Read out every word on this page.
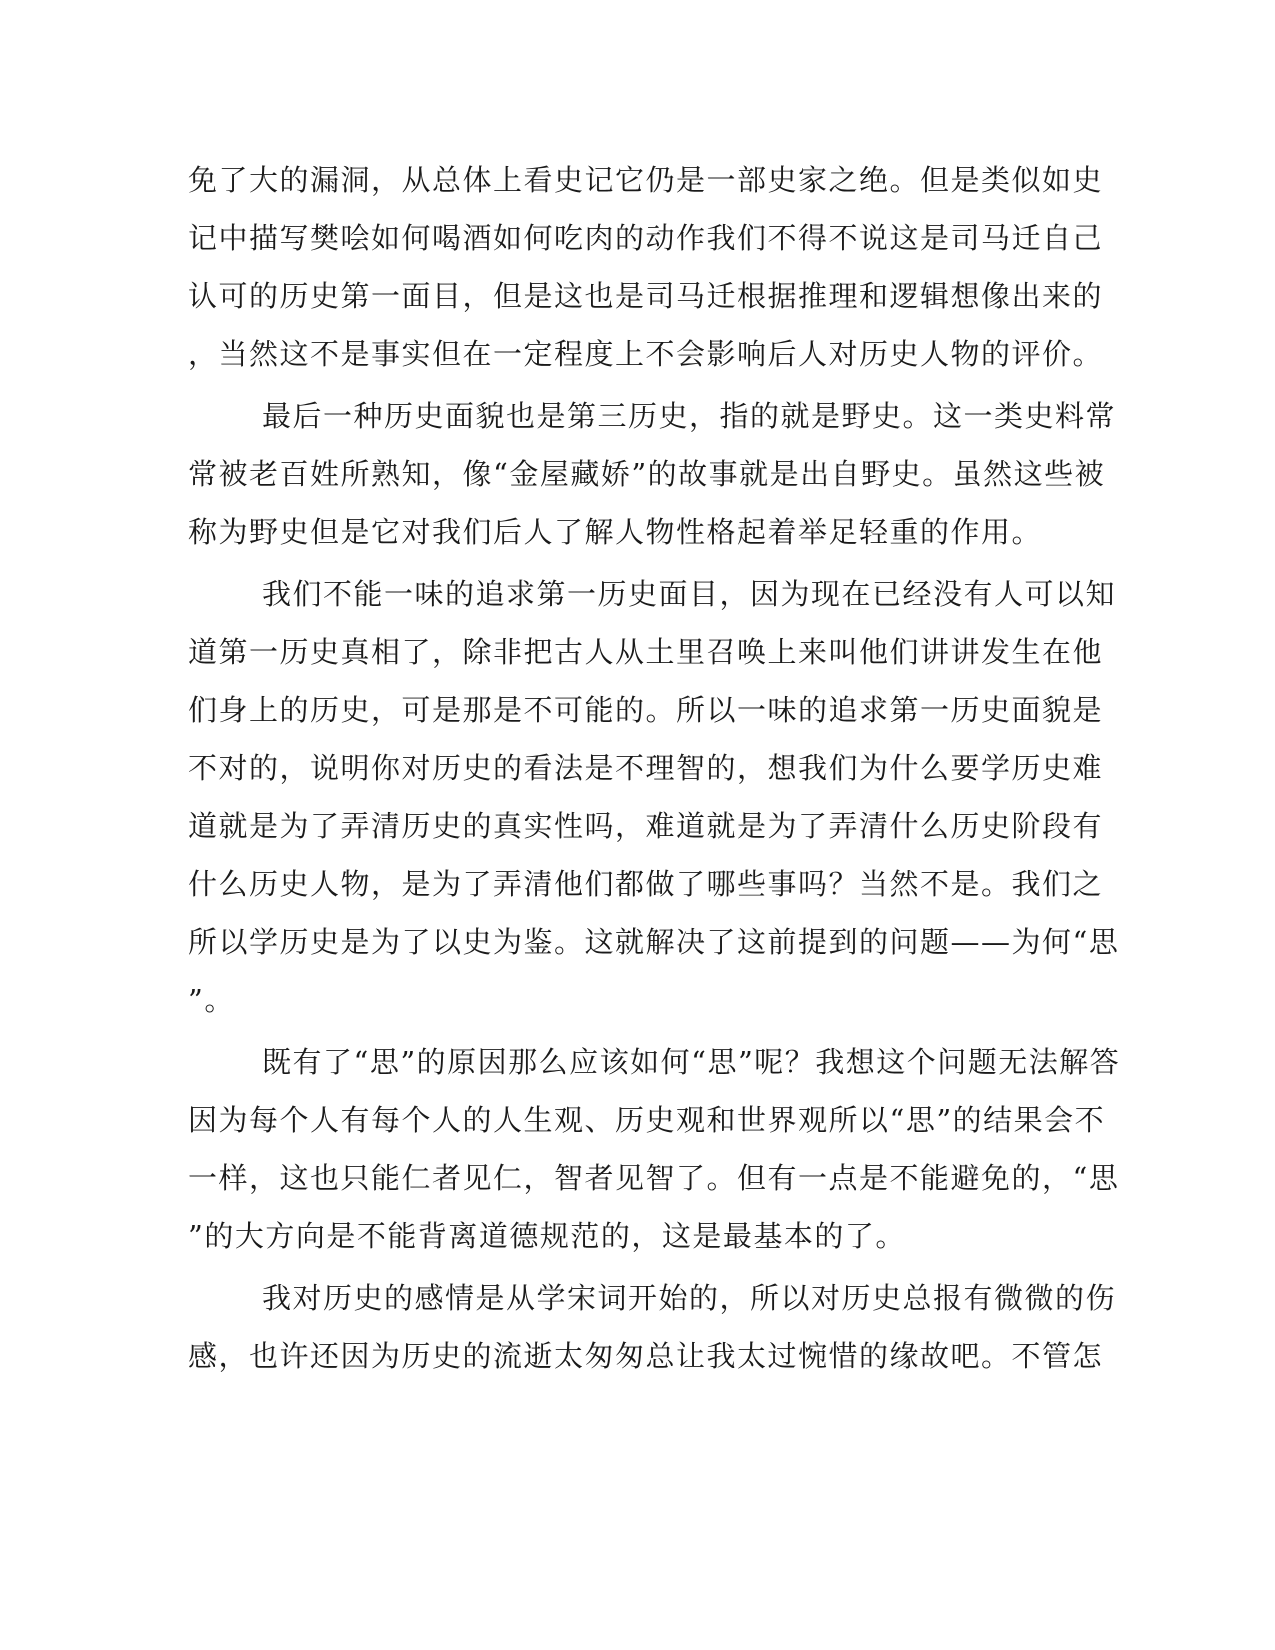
免了大的漏洞，从总体上看史记它仍是一部史家之绝。但是类似如史
记中描写樊哙如何喝酒如何吃肉的动作我们不得不说这是司马迁自己
认可的历史第一面目，但是这也是司马迁根据推理和逻辑想像出来的
，当然这不是事实但在一定程度上不会影响后人对历史人物的评价。
最后一种历史面貌也是第三历史，指的就是野史。这一类史料常
常被老百姓所熟知，像“金屋藏娇”的故事就是出自野史。虽然这些被
称为野史但是它对我们后人了解人物性格起着举足轻重的作用。
我们不能一味的追求第一历史面目，因为现在已经没有人可以知
道第一历史真相了，除非把古人从土里召唤上来叫他们讲讲发生在他
们身上的历史，可是那是不可能的。所以一味的追求第一历史面貌是
不对的，说明你对历史的看法是不理智的，想我们为什么要学历史难
道就是为了弄清历史的真实性吗，难道就是为了弄清什么历史阶段有
什么历史人物，是为了弄清他们都做了哪些事吗？当然不是。我们之
所以学历史是为了以史为鉴。这就解决了这前提到的问题——为何“思
”。
既有了“思”的原因那么应该如何“思”呢？我想这个问题无法解答
因为每个人有每个人的人生观、历史观和世界观所以“思”的结果会不
一样，这也只能仁者见仁，智者见智了。但有一点是不能避免的，“思
”的大方向是不能背离道德规范的，这是最基本的了。
我对历史的感情是从学宋词开始的，所以对历史总报有微微的伤
感，也许还因为历史的流逝太匆匆总让我太过惋惜的缘故吧。不管怎
